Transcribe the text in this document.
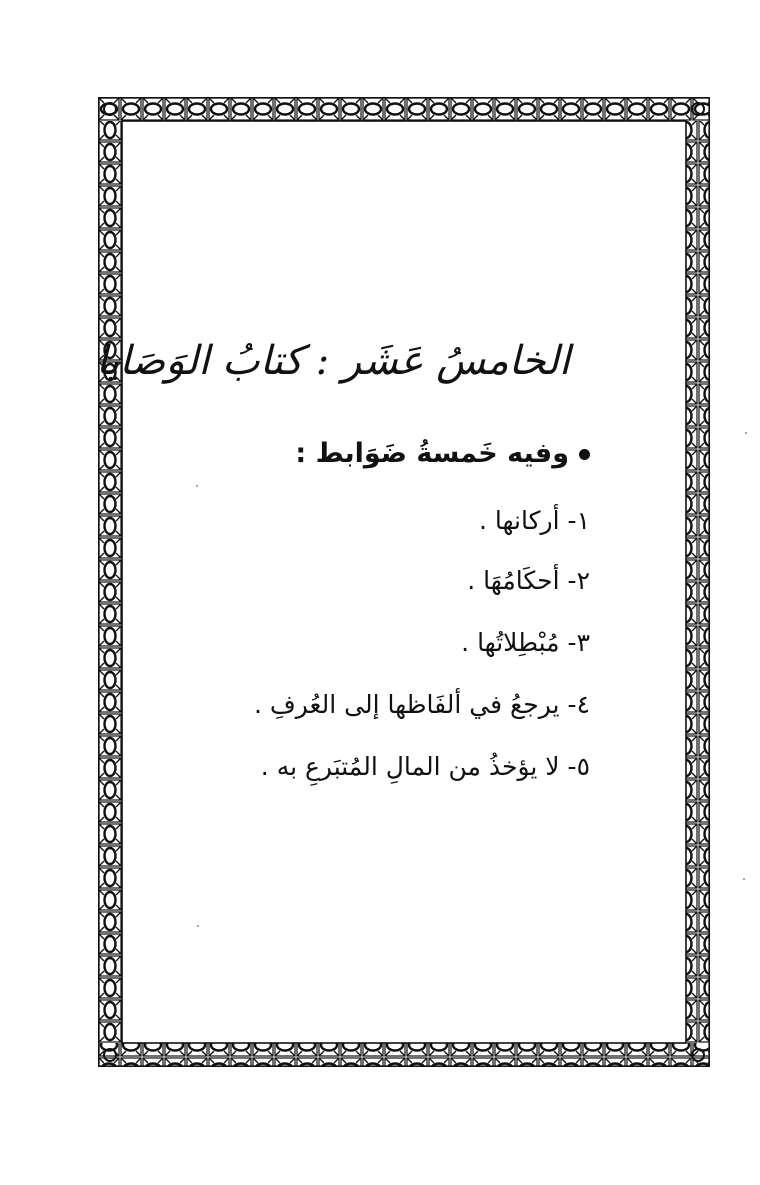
الخامسُ عَشَر : كتابُ الوَصَايا
وفيه خَمسةُ ضَوَابط :
١-أركانها .
٢-أحكَامُهَا .
٣-مُبْطِلاتُها .
٤-يرجعُ في ألفَاظها إلى العُرفِ .
٥-لا يؤخذُ من المالِ المُتبَرعِ به .
